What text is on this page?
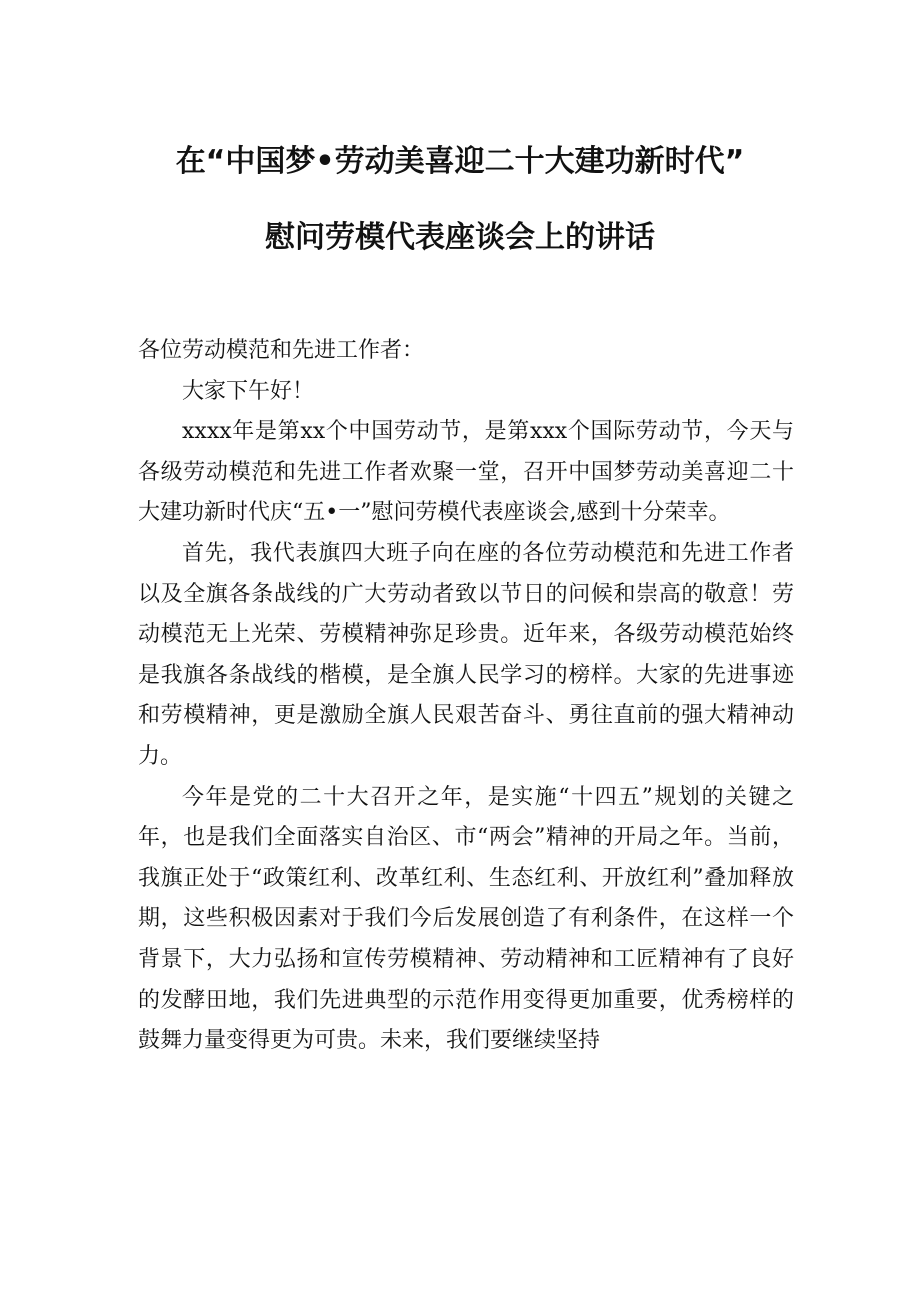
在“中国梦•劳动美喜迎二十大建功新时代”
慰问劳模代表座谈会上的讲话

各位劳动模范和先进工作者：

大家下午好！

xxxx年是第xx个中国劳动节，是第xxx个国际劳动节，今天与各级劳动模范和先进工作者欢聚一堂，召开中国梦劳动美喜迎二十大建功新时代庆“五•一”慰问劳模代表座谈会,感到十分荣幸。

首先，我代表旗四大班子向在座的各位劳动模范和先进工作者以及全旗各条战线的广大劳动者致以节日的问候和崇高的敬意！劳动模范无上光荣、劳模精神弥足珍贵。近年来，各级劳动模范始终是我旗各条战线的楷模，是全旗人民学习的榜样。大家的先进事迹和劳模精神，更是激励全旗人民艰苦奋斗、勇往直前的强大精神动力。

今年是党的二十大召开之年，是实施“十四五”规划的关键之年，也是我们全面落实自治区、市“两会”精神的开局之年。当前，我旗正处于“政策红利、改革红利、生态红利、开放红利”叠加释放期，这些积极因素对于我们今后发展创造了有利条件，在这样一个背景下，大力弘扬和宣传劳模精神、劳动精神和工匠精神有了良好的发酵田地，我们先进典型的示范作用变得更加重要，优秀榜样的鼓舞力量变得更为可贵。未来，我们要继续坚持
